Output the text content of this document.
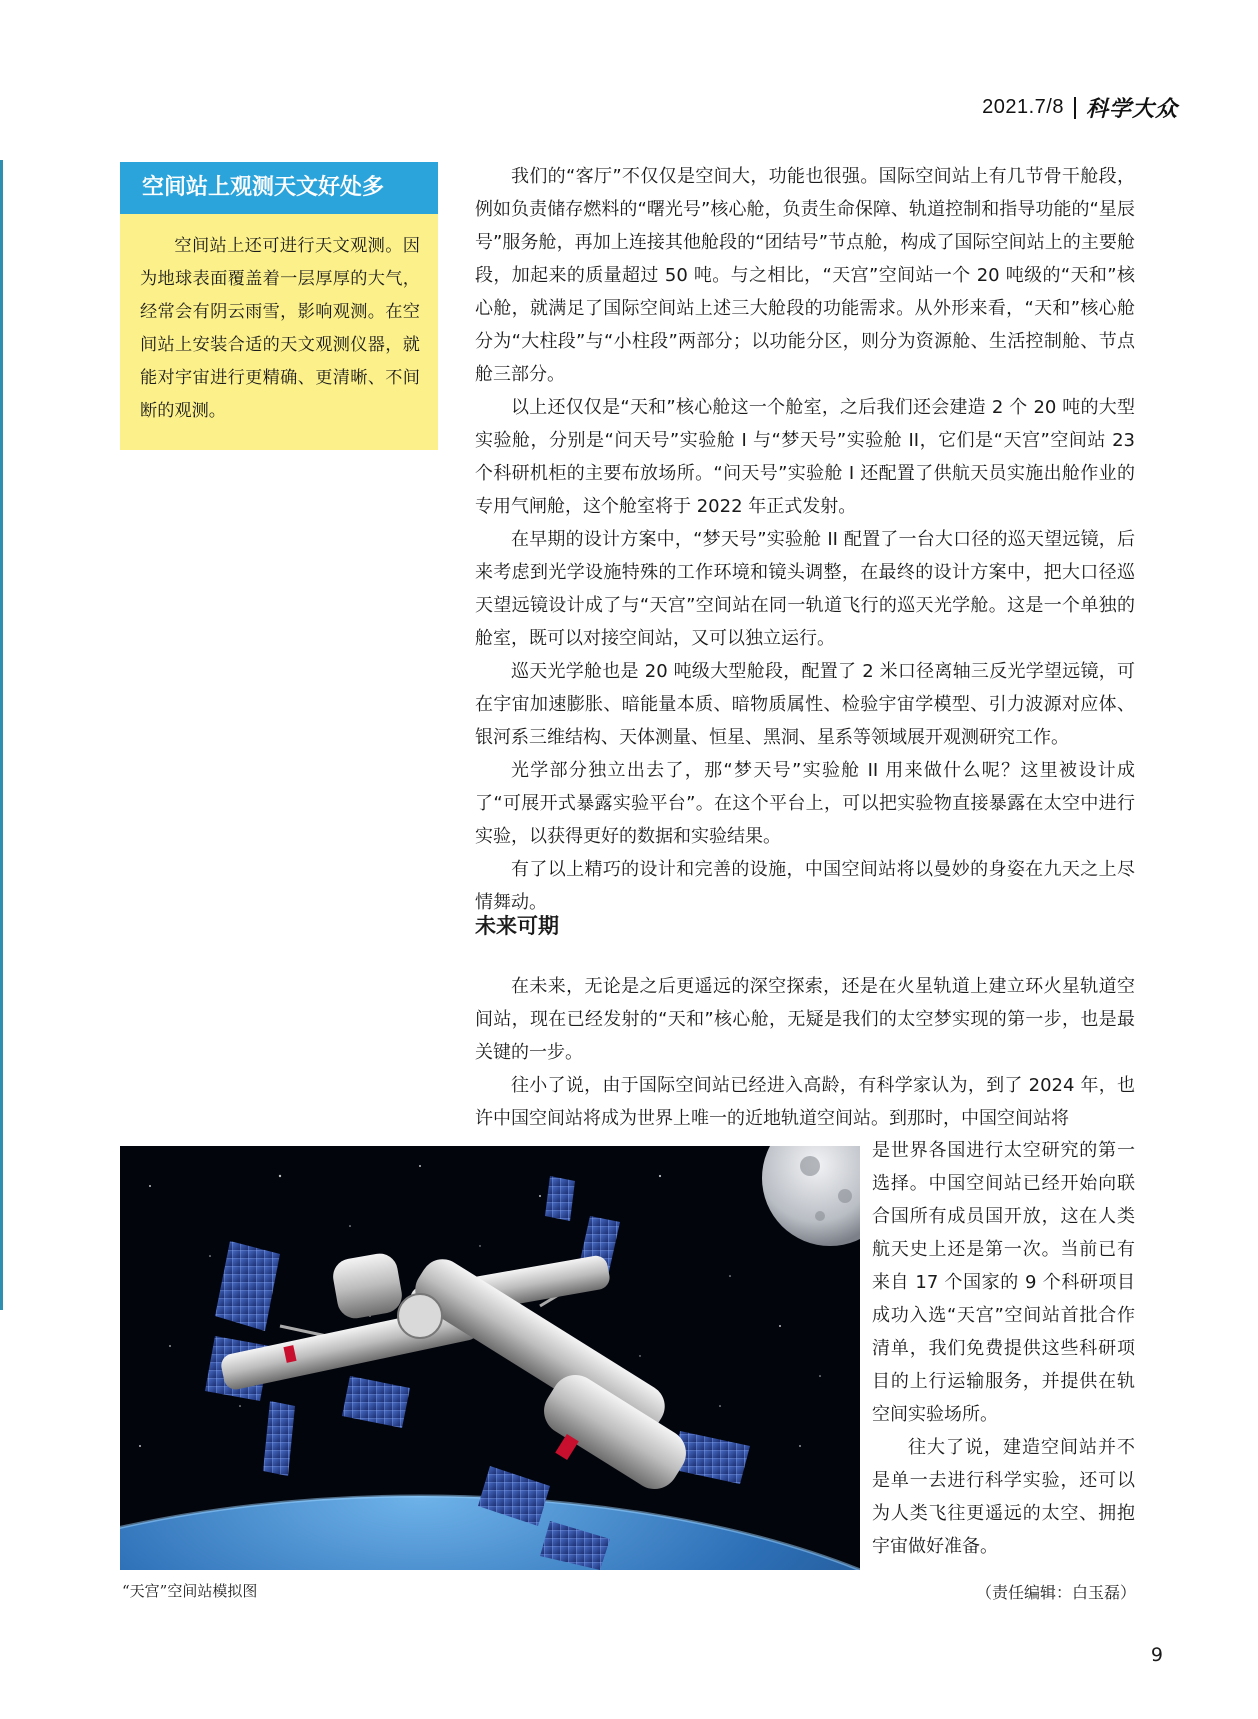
2021.7/8 科学大众
空间站上观测天文好处多
空间站上还可进行天文观测。因为地球表面覆盖着一层厚厚的大气，经常会有阴云雨雪，影响观测。在空间站上安装合适的天文观测仪器，就能对宇宙进行更精确、更清晰、不间断的观测。

我们的“客厅”不仅仅是空间大，功能也很强。国际空间站上有几节骨干舱段，例如负责储存燃料的“曙光号”核心舱，负责生命保障、轨道控制和指导功能的“星辰号”服务舱，再加上连接其他舱段的“团结号”节点舱，构成了国际空间站上的主要舱段，加起来的质量超过 50 吨。与之相比，“天宫”空间站一个 20 吨级的“天和”核心舱，就满足了国际空间站上述三大舱段的功能需求。从外形来看，“天和”核心舱分为“大柱段”与“小柱段”两部分；以功能分区，则分为资源舱、生活控制舱、节点舱三部分。

以上还仅仅是“天和”核心舱这一个舱室，之后我们还会建造 2 个 20 吨的大型实验舱，分别是“问天号”实验舱 I 与“梦天号”实验舱 II，它们是“天宫”空间站 23 个科研机柜的主要布放场所。“问天号”实验舱 I 还配置了供航天员实施出舱作业的专用气闸舱，这个舱室将于 2022 年正式发射。

在早期的设计方案中，“梦天号”实验舱 II 配置了一台大口径的巡天望远镜，后来考虑到光学设施特殊的工作环境和镜头调整，在最终的设计方案中，把大口径巡天望远镜设计成了与“天宫”空间站在同一轨道飞行的巡天光学舱。这是一个单独的舱室，既可以对接空间站，又可以独立运行。

巡天光学舱也是 20 吨级大型舱段，配置了 2 米口径离轴三反光学望远镜，可在宇宙加速膨胀、暗能量本质、暗物质属性、检验宇宙学模型、引力波源对应体、银河系三维结构、天体测量、恒星、黑洞、星系等领域展开观测研究工作。

光学部分独立出去了，那“梦天号”实验舱 II 用来做什么呢？这里被设计成了“可展开式暴露实验平台”。在这个平台上，可以把实验物直接暴露在太空中进行实验，以获得更好的数据和实验结果。

有了以上精巧的设计和完善的设施，中国空间站将以曼妙的身姿在九天之上尽情舞动。

未来可期

在未来，无论是之后更遥远的深空探索，还是在火星轨道上建立环火星轨道空间站，现在已经发射的“天和”核心舱，无疑是我们的太空梦实现的第一步，也是最关键的一步。

往小了说，由于国际空间站已经进入高龄，有科学家认为，到了 2024 年，也许中国空间站将成为世界上唯一的近地轨道空间站。到那时，中国空间站将

是世界各国进行太空研究的第一选择。中国空间站已经开始向联合国所有成员国开放，这在人类航天史上还是第一次。当前已有来自 17 个国家的 9 个科研项目成功入选“天宫”空间站首批合作清单，我们免费提供这些科研项目的上行运输服务，并提供在轨空间实验场所。

往大了说，建造空间站并不是单一去进行科学实验，还可以为人类飞往更遥远的太空、拥抱宇宙做好准备。

“天宫”空间站模拟图	（责任编辑：白玉磊）
9
